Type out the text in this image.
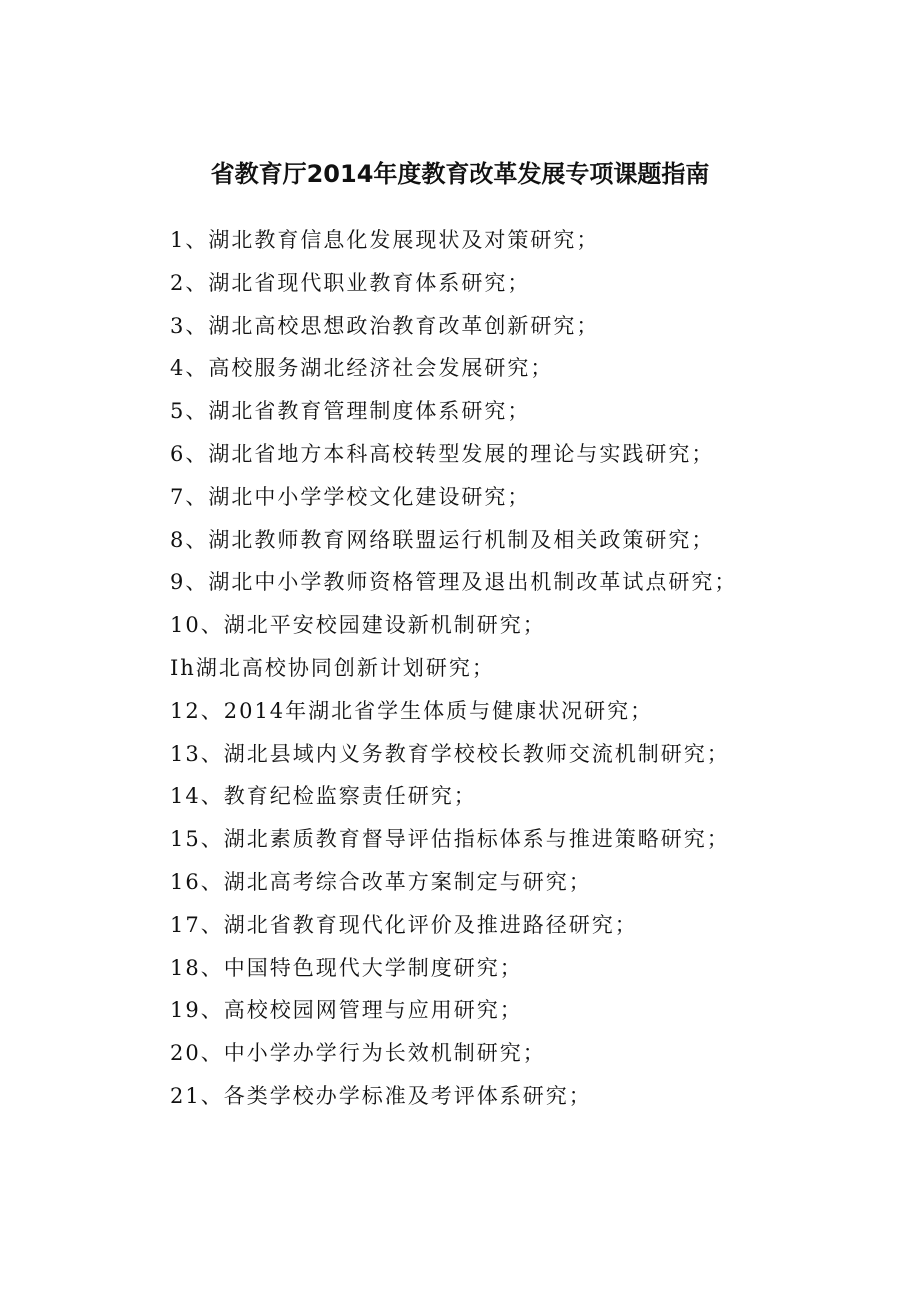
省教育厅2014年度教育改革发展专项课题指南
1、湖北教育信息化发展现状及对策研究；
2、湖北省现代职业教育体系研究；
3、湖北高校思想政治教育改革创新研究；
4、高校服务湖北经济社会发展研究；
5、湖北省教育管理制度体系研究；
6、湖北省地方本科高校转型发展的理论与实践研究；
7、湖北中小学学校文化建设研究；
8、湖北教师教育网络联盟运行机制及相关政策研究；
9、湖北中小学教师资格管理及退出机制改革试点研究；
10、湖北平安校园建设新机制研究；
Ih湖北高校协同创新计划研究；
12、2014年湖北省学生体质与健康状况研究；
13、湖北县域内义务教育学校校长教师交流机制研究；
14、教育纪检监察责任研究；
15、湖北素质教育督导评估指标体系与推进策略研究；
16、湖北高考综合改革方案制定与研究；
17、湖北省教育现代化评价及推进路径研究；
18、中国特色现代大学制度研究；
19、高校校园网管理与应用研究；
20、中小学办学行为长效机制研究；
21、各类学校办学标准及考评体系研究；
